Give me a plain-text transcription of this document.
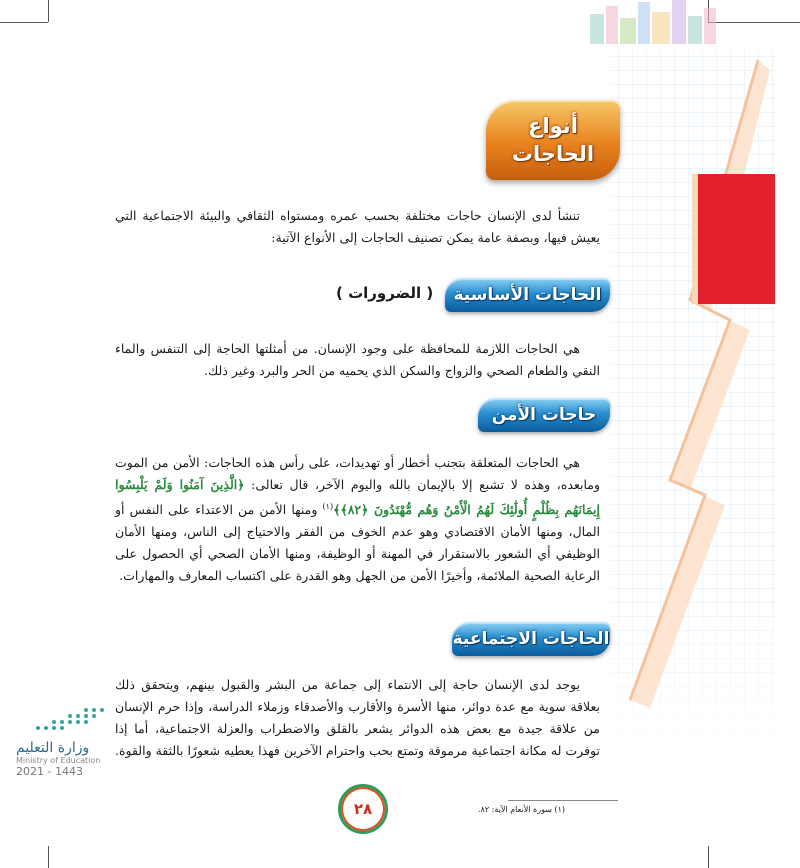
أنواع
الحاجات

تنشأ لدى الإنسان حاجات مختلفة بحسب عمره ومستواه الثقافي والبيئة الاجتماعية التي يعيش فيها، وبصفة عامة يمكن تصنيف الحاجات إلى الأنواع الآتية:

الحاجات الأساسية
( الضرورات )

هي الحاجات اللازمة للمحافظة على وجود الإنسان. من أمثلتها الحاجة إلى التنفس والماء النقي والطعام الصحي والزواج والسكن الذي يحميه من الحر والبرد وغير ذلك.

حاجات الأمن

هي الحاجات المتعلقة بتجنب أخطار أو تهديدات، على رأس هذه الحاجات: الأمن من الموت ومابعده، وهذه لا تشبع إلا بالإيمان بالله واليوم الآخر، قال تعالى: ﴿الَّذِينَ آمَنُوا وَلَمْ يَلْبِسُوا إِيمَانَهُم بِظُلْمٍ أُولَٰئِكَ لَهُمُ الْأَمْنُ وَهُم مُّهْتَدُونَ ﴿٨٢﴾﴾$^{(١)}$ ومنها الأمن من الاعتداء على النفس أو المال، ومنها الأمان الاقتصادي وهو عدم الخوف من الفقر والاحتياج إلى الناس، ومنها الأمان الوظيفي أي الشعور بالاستقرار في المهنة أو الوظيفة، ومنها الأمان الصحي أي الحصول على الرعاية الصحية الملائمة، وأخيرًا الأمن من الجهل وهو القدرة على اكتساب المعارف والمهارات.

الحاجات الاجتماعية

يوجد لدى الإنسان حاجة إلى الانتماء إلى جماعة من البشر والقبول بينهم، ويتحقق ذلك بعلاقة سوية مع عدة دوائر، منها الأسرة والأقارب والأصدقاء وزملاء الدراسة، وإذا حرم الإنسان من علاقة جيدة مع بعض هذه الدوائر يشعر بالقلق والاضطراب والعزلة الاجتماعية، أما إذا توفرت له مكانة اجتماعية مرموقة وتمتع بحب واحترام الآخرين فهذا يعطيه شعورًا بالثقة والقوة.

وزارة التعليم
Ministry of Education
2021 - 1443
٢٨	(١) سورة الأنعام الآية: ٨٢.
